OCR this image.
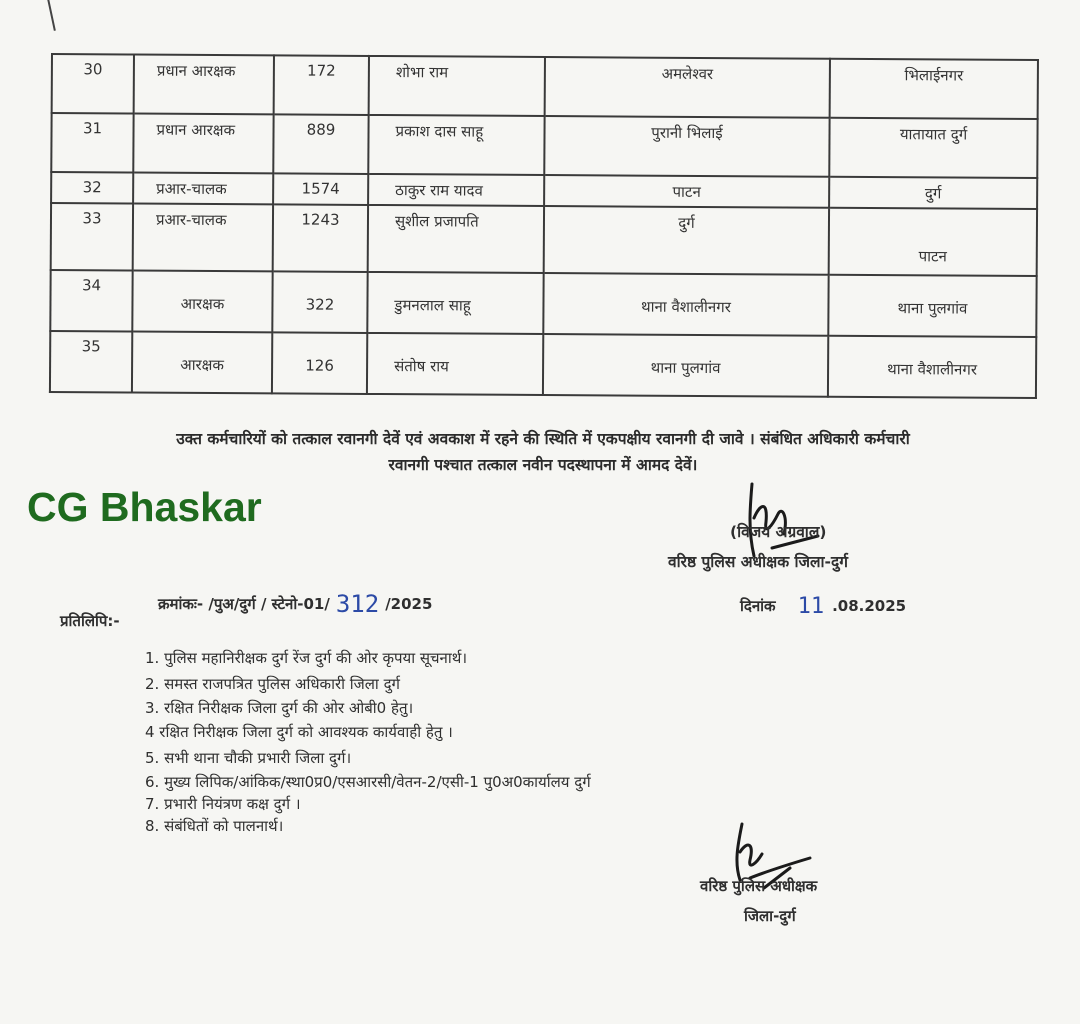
30	प्रधान आरक्षक	172	शोभा राम	अमलेश्वर	भिलाईनगर
31	प्रधान आरक्षक	889	प्रकाश दास साहू	पुरानी भिलाई	यातायात दुर्ग
32	प्रआर-चालक	1574	ठाकुर राम यादव	पाटन	दुर्ग
33	प्रआर-चालक	1243	सुशील प्रजापति	दुर्ग	पाटन
34	आरक्षक	322	डुमनलाल साहू	थाना वैशालीनगर	थाना पुलगांव
35	आरक्षक	126	संतोष राय	थाना पुलगांव	थाना वैशालीनगर
उक्त कर्मचारियों को तत्काल रवानगी देवें एवं अवकाश में रहने की स्थिति में एकपक्षीय रवानगी दी जावे । संबंधित अधिकारी कर्मचारी
रवानगी पश्चात तत्काल नवीन पदस्थापना में आमद देवें।
CG Bhaskar
(विजय अग्रवाल)
वरिष्ठ पुलिस अधीक्षक जिला-दुर्ग
क्रमांकः- /पुअ/दुर्ग / स्टेनो-01/ 312 /2025	दिनांक 11 .08.2025
प्रतिलिपि:-
1. पुलिस महानिरीक्षक दुर्ग रेंज दुर्ग की ओर कृपया सूचनार्थ।
2. समस्त राजपत्रित पुलिस अधिकारी जिला दुर्ग
3. रक्षित निरीक्षक जिला दुर्ग की ओर ओबी0 हेतु।
4 रक्षित निरीक्षक जिला दुर्ग को आवश्यक कार्यवाही हेतु ।
5. सभी थाना चौकी प्रभारी जिला दुर्ग।
6. मुख्य लिपिक/आंकिक/स्था0प्र0/एसआरसी/वेतन-2/एसी-1 पु0अ0कार्यालय दुर्ग
7. प्रभारी नियंत्रण कक्ष दुर्ग ।
8. संबंधितों को पालनार्थ।
वरिष्ठ पुलिस अधीक्षक
जिला-दुर्ग
